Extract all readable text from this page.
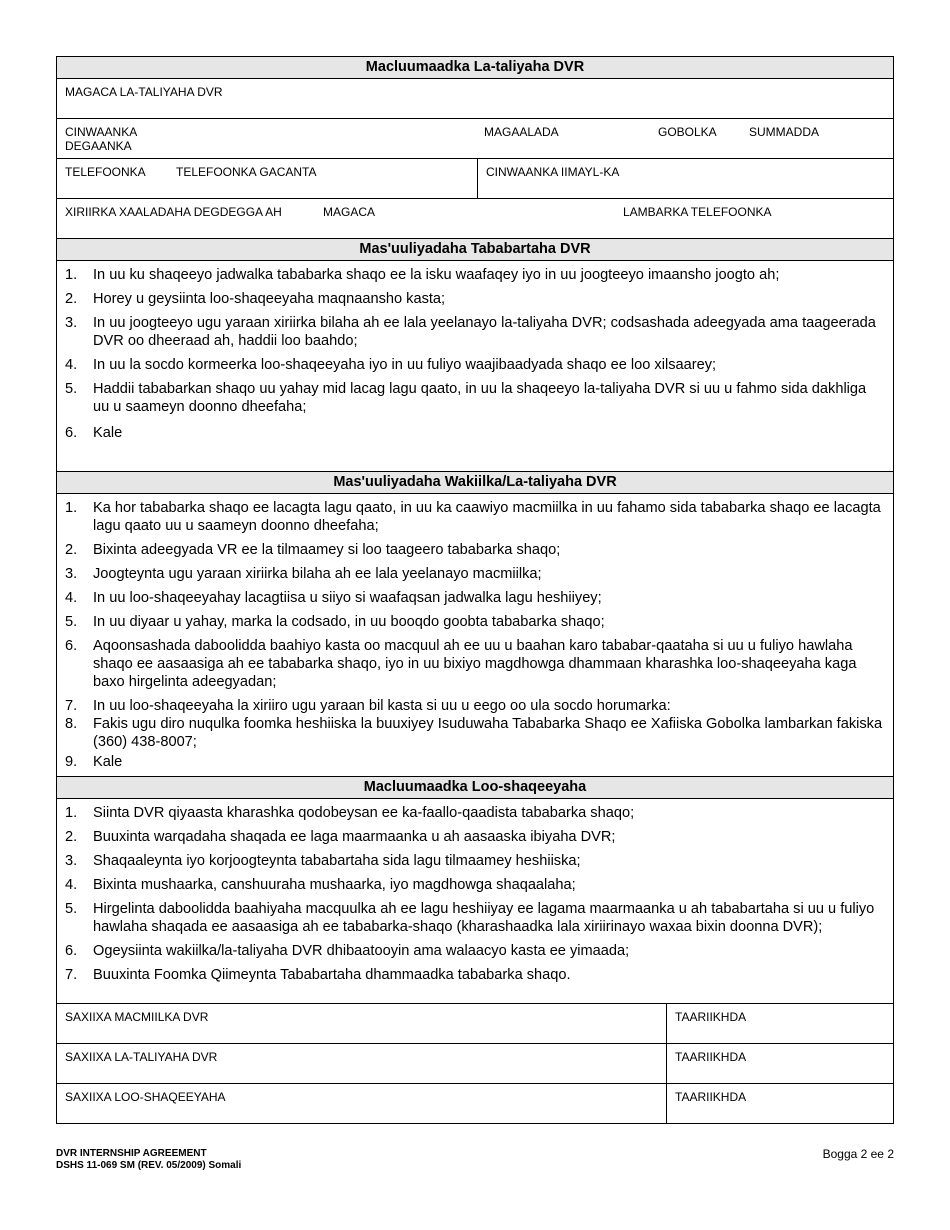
Macluumaadka La-taliyaha DVR
MAGACA LA-TALIYAHA DVR
CINWAANKA
DEGAANKA
MAGAALADA	GOBOLKA	SUMMADDA
TELEFOONKA	TELEFOONKA GACANTA	CINWAANKA IIMAYL-KA
XIRIIRKA XAALADAHA DEGDEGGA AH	MAGACA	LAMBARKA TELEFOONKA
Mas'uuliyadaha Tababartaha DVR
1.	In uu ku shaqeeyo jadwalka tababarka shaqo ee la isku waafaqey iyo in uu joogteeyo imaansho joogto ah;
2.	Horey u geysiinta loo-shaqeeyaha maqnaansho kasta;
3.	In uu joogteeyo ugu yaraan xiriirka bilaha ah ee lala yeelanayo la-taliyaha DVR; codsashada adeegyada ama taageerada DVR oo dheeraad ah, haddii loo baahdo;
4.	In uu la socdo kormeerka loo-shaqeeyaha iyo in uu fuliyo waajibaadyada shaqo ee loo xilsaarey;
5.	Haddii tababarkan shaqo uu yahay mid lacag lagu qaato, in uu la shaqeeyo la-taliyaha DVR si uu u fahmo sida dakhliga uu u saameyn doonno dheefaha;
6.	Kale
Mas'uuliyadaha Wakiilka/La-taliyaha DVR
1.	Ka hor tababarka shaqo ee lacagta lagu qaato, in uu ka caawiyo macmiilka in uu fahamo sida tababarka shaqo ee lacagta lagu qaato uu u saameyn doonno dheefaha;
2.	Bixinta adeegyada VR ee la tilmaamey si loo taageero tababarka shaqo;
3.	Joogteynta ugu yaraan xiriirka bilaha ah ee lala yeelanayo macmiilka;
4.	In uu loo-shaqeeyahay lacagtiisa u siiyo si waafaqsan jadwalka lagu heshiiyey;
5.	In uu diyaar u yahay, marka la codsado, in uu booqdo goobta tababarka shaqo;
6.	Aqoonsashada daboolidda baahiyo kasta oo macquul ah ee uu u baahan karo tababar-qaataha si uu u fuliyo hawlaha shaqo ee aasaasiga ah ee tababarka shaqo, iyo in uu bixiyo magdhowga dhammaan kharashka loo-shaqeeyaha kaga baxo hirgelinta adeegyadan;
7.	In uu loo-shaqeeyaha la xiriiro ugu yaraan bil kasta si uu u eego oo ula socdo horumarka:
8.	Fakis ugu diro nuqulka foomka heshiiska la buuxiyey Isuduwaha Tababarka Shaqo ee Xafiiska Gobolka lambarkan fakiska (360) 438-8007;
9.	Kale
Macluumaadka Loo-shaqeeyaha
1.	Siinta DVR qiyaasta kharashka qodobeysan ee ka-faallo-qaadista tababarka shaqo;
2.	Buuxinta warqadaha shaqada ee laga maarmaanka u ah aasaaska ibiyaha DVR;
3.	Shaqaaleynta iyo korjoogteynta tababartaha sida lagu tilmaamey heshiiska;
4.	Bixinta mushaarka, canshuuraha mushaarka, iyo magdhowga shaqaalaha;
5.	Hirgelinta daboolidda baahiyaha macquulka ah ee lagu heshiiyay ee lagama maarmaanka u ah tababartaha si uu u fuliyo hawlaha shaqada ee aasaasiga ah ee tababarka-shaqo (kharashaadka lala xiriirinayo waxaa bixin doonna DVR);
6.	Ogeysiinta wakiilka/la-taliyaha DVR dhibaatooyin ama walaacyo kasta ee yimaada;
7.	Buuxinta Foomka Qiimeynta Tababartaha dhammaadka tababarka shaqo.
SAXIIXA MACMIILKA DVR	TAARIIKHDA
SAXIIXA LA-TALIYAHA DVR	TAARIIKHDA
SAXIIXA LOO-SHAQEEYAHA	TAARIIKHDA
DVR INTERNSHIP AGREEMENT
DSHS 11-069 SM (REV. 05/2009) Somali
Bogga 2 ee 2
